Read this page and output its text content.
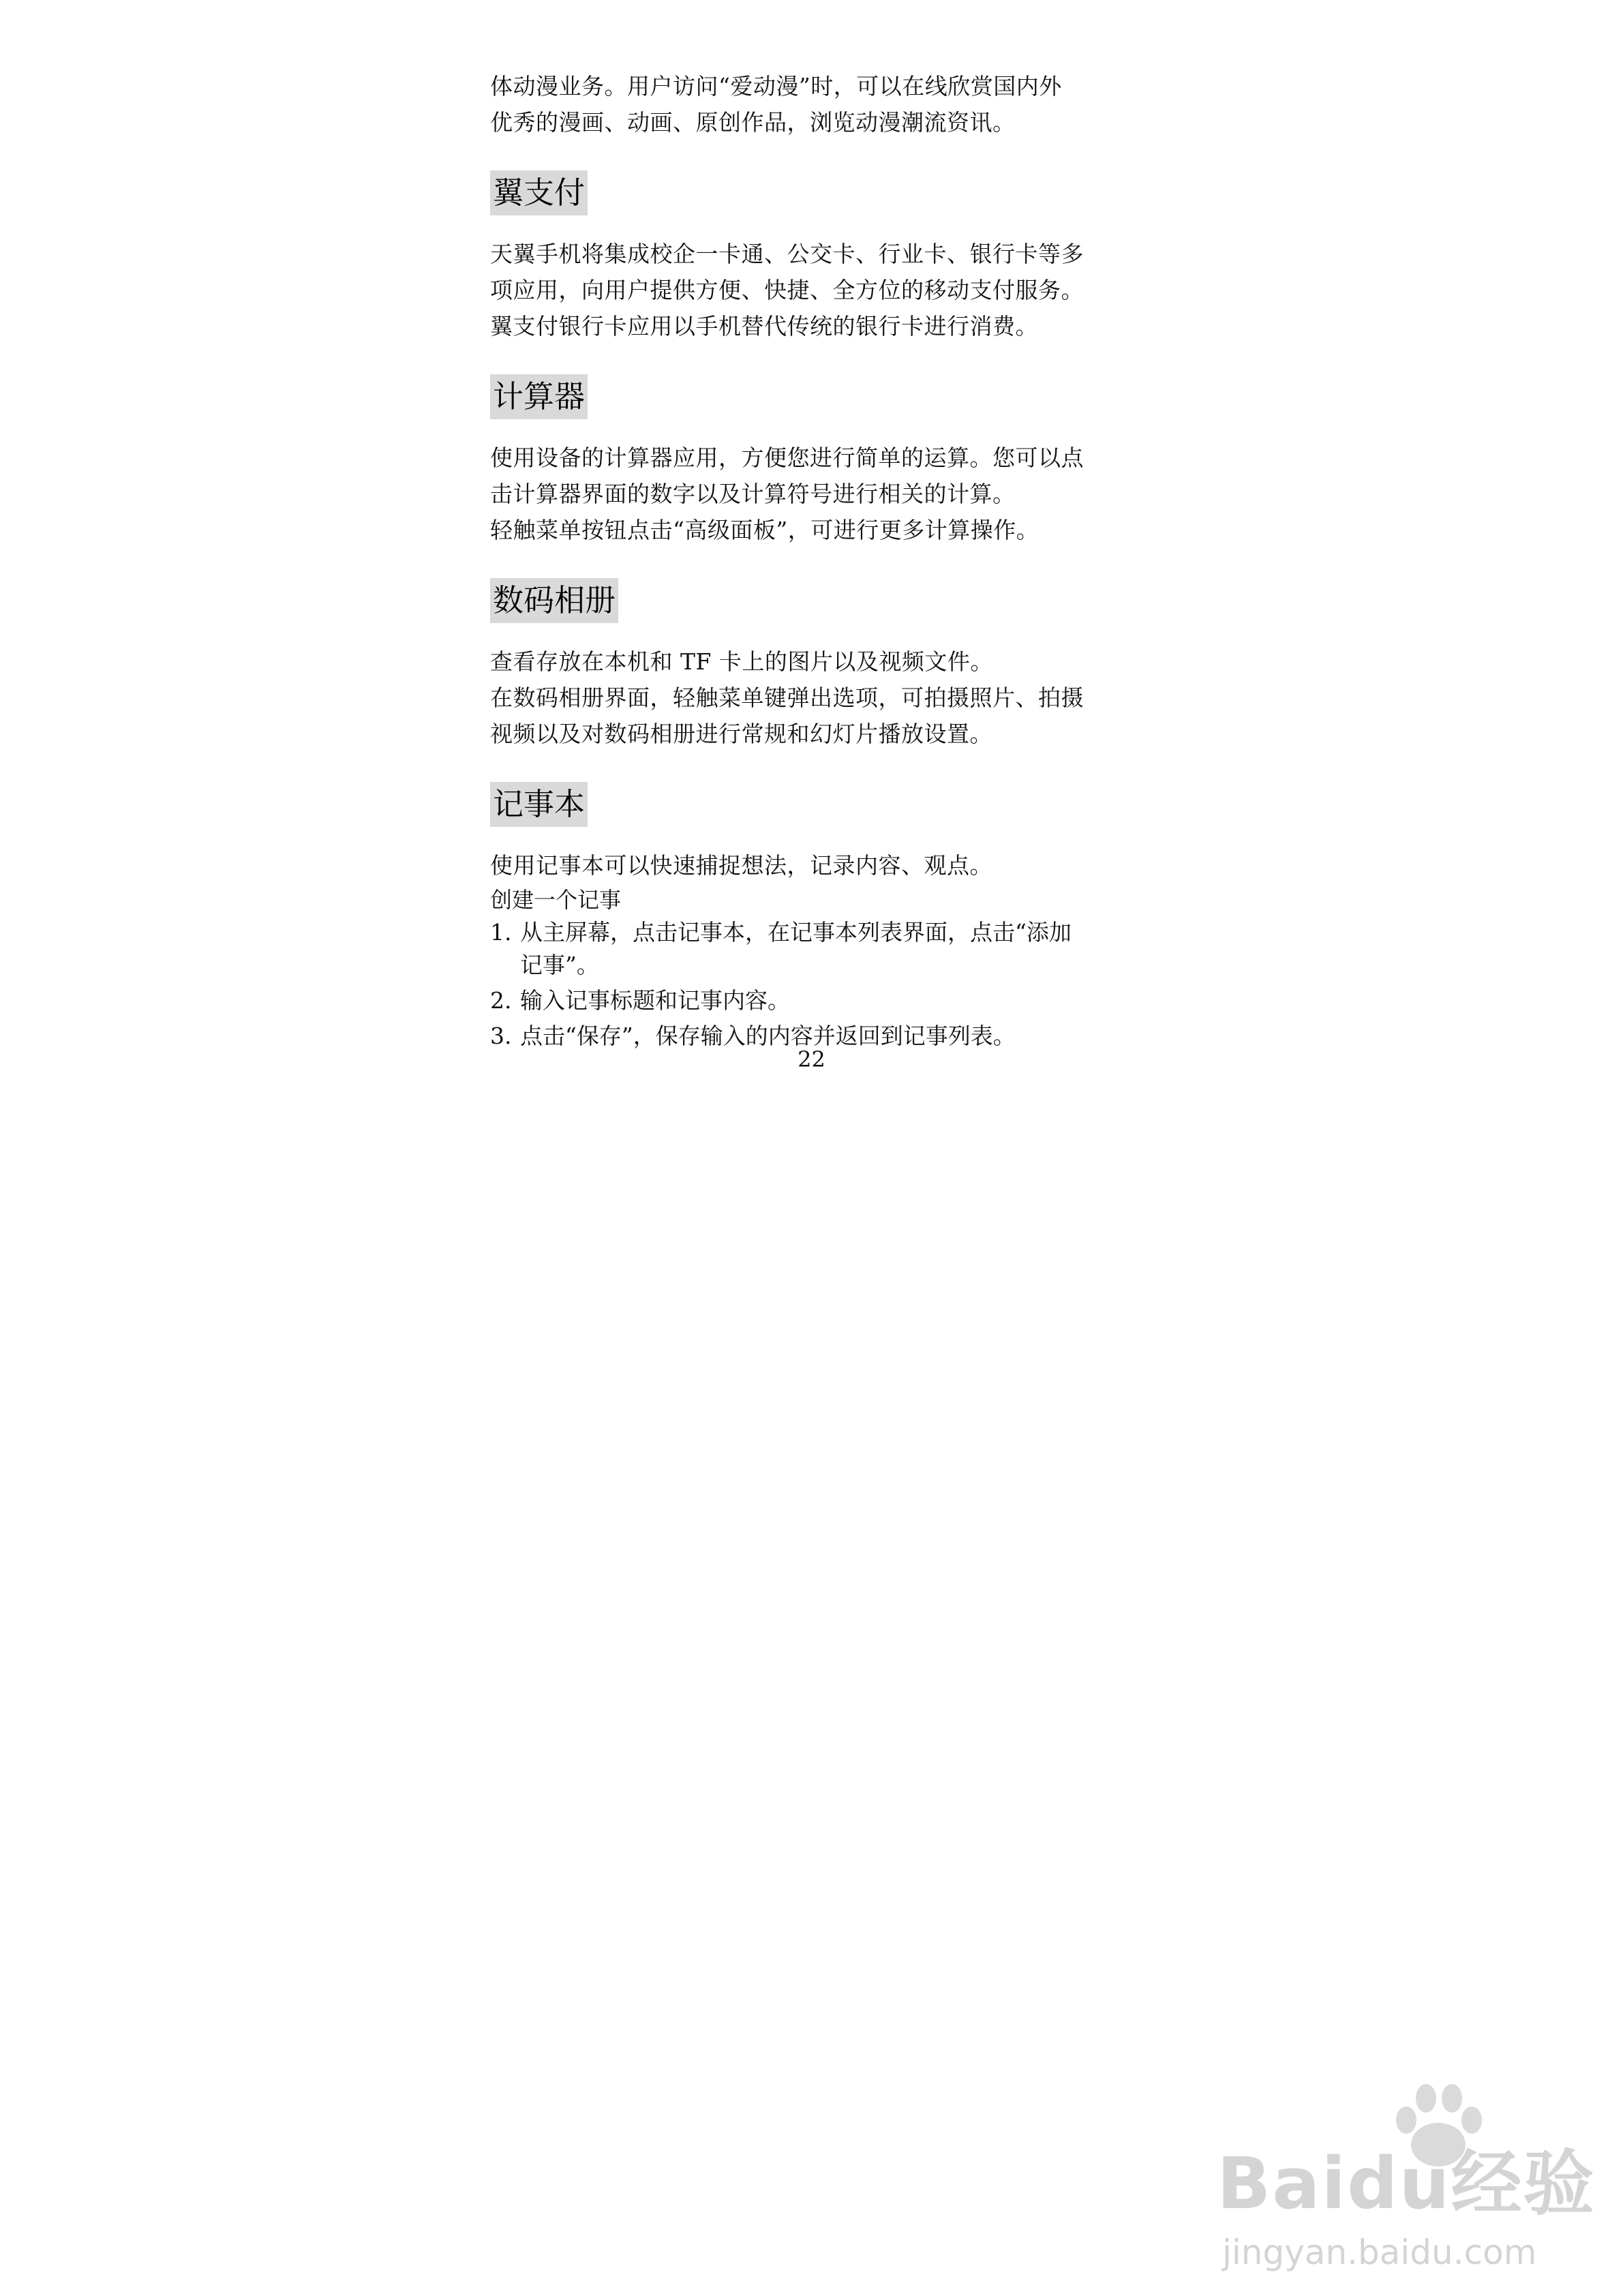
体动漫业务。用户访问“爱动漫”时，可以在线欣赏国内外

优秀的漫画、动画、原创作品，浏览动漫潮流资讯。

翼支付

天翼手机将集成校企一卡通、公交卡、行业卡、银行卡等多

项应用，向用户提供方便、快捷、全方位的移动支付服务。

翼支付银行卡应用以手机替代传统的银行卡进行消费。

计算器

使用设备的计算器应用，方便您进行简单的运算。您可以点

击计算器界面的数字以及计算符号进行相关的计算。

轻触菜单按钮点击“高级面板”，可进行更多计算操作。

数码相册

查看存放在本机和 TF 卡上的图片以及视频文件。

在数码相册界面，轻触菜单键弹出选项，可拍摄照片、拍摄

视频以及对数码相册进行常规和幻灯片播放设置。

记事本

使用记事本可以快速捕捉想法，记录内容、观点。

创建一个记事
1. 从主屏幕，点击记事本，在记事本列表界面，点击“添加
记事”。
2. 输入记事标题和记事内容。
3. 点击“保存”，保存输入的内容并返回到记事列表。
22
Baidu经验
jingyan.baidu.com
